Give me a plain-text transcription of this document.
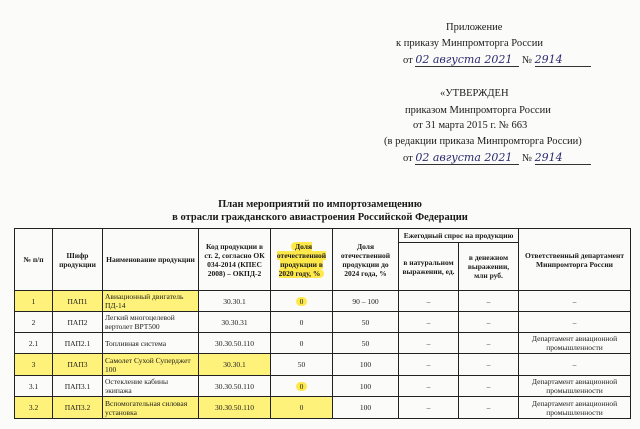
Приложение
к приказу Минпромторга России
от 02 августа 2021 № 2914
«УТВЕРЖДЕН
приказом Минпромторга России
от 31 марта 2015 г. № 663
(в редакции приказа Минпромторга России)
от 02 августа 2021 № 2914
План мероприятий по импортозамещению
в отрасли гражданского авиастроения Российской Федерации
№ п/п	Шифр продукции	Наименование продукции	Код продукции в ст. 2, согласно ОК 034-2014 (КПЕС 2008) – ОКПД-2	Доля отечественной продукции в 2020 году, %	Доля отечественной продукции до 2024 года, %	Ежегодный спрос на продукцию		Ответственный департамент Минпромторга России
						в натуральном выражении, ед.	в денежном выражении, млн руб.	
1	ПАП1	Авиационный двигатель ПД-14	30.30.1	0	90 – 100	–	–	–
2	ПАП2	Легкий многоцелевой вертолет ВРТ500	30.30.31	0	50	–	–	–
2.1	ПАП2.1	Топливная система	30.30.50.110	0	50	–	–	Департамент авиационной промышленности
3	ПАП3	Самолет Сухой Суперджет 100	30.30.1	50	100	–	–	–
3.1	ПАП3.1	Остекление кабины экипажа	30.30.50.110	0	100	–	–	Департамент авиационной промышленности
3.2	ПАП3.2	Вспомогательная силовая установка	30.30.50.110	0	100	–	–	Департамент авиационной промышленности
